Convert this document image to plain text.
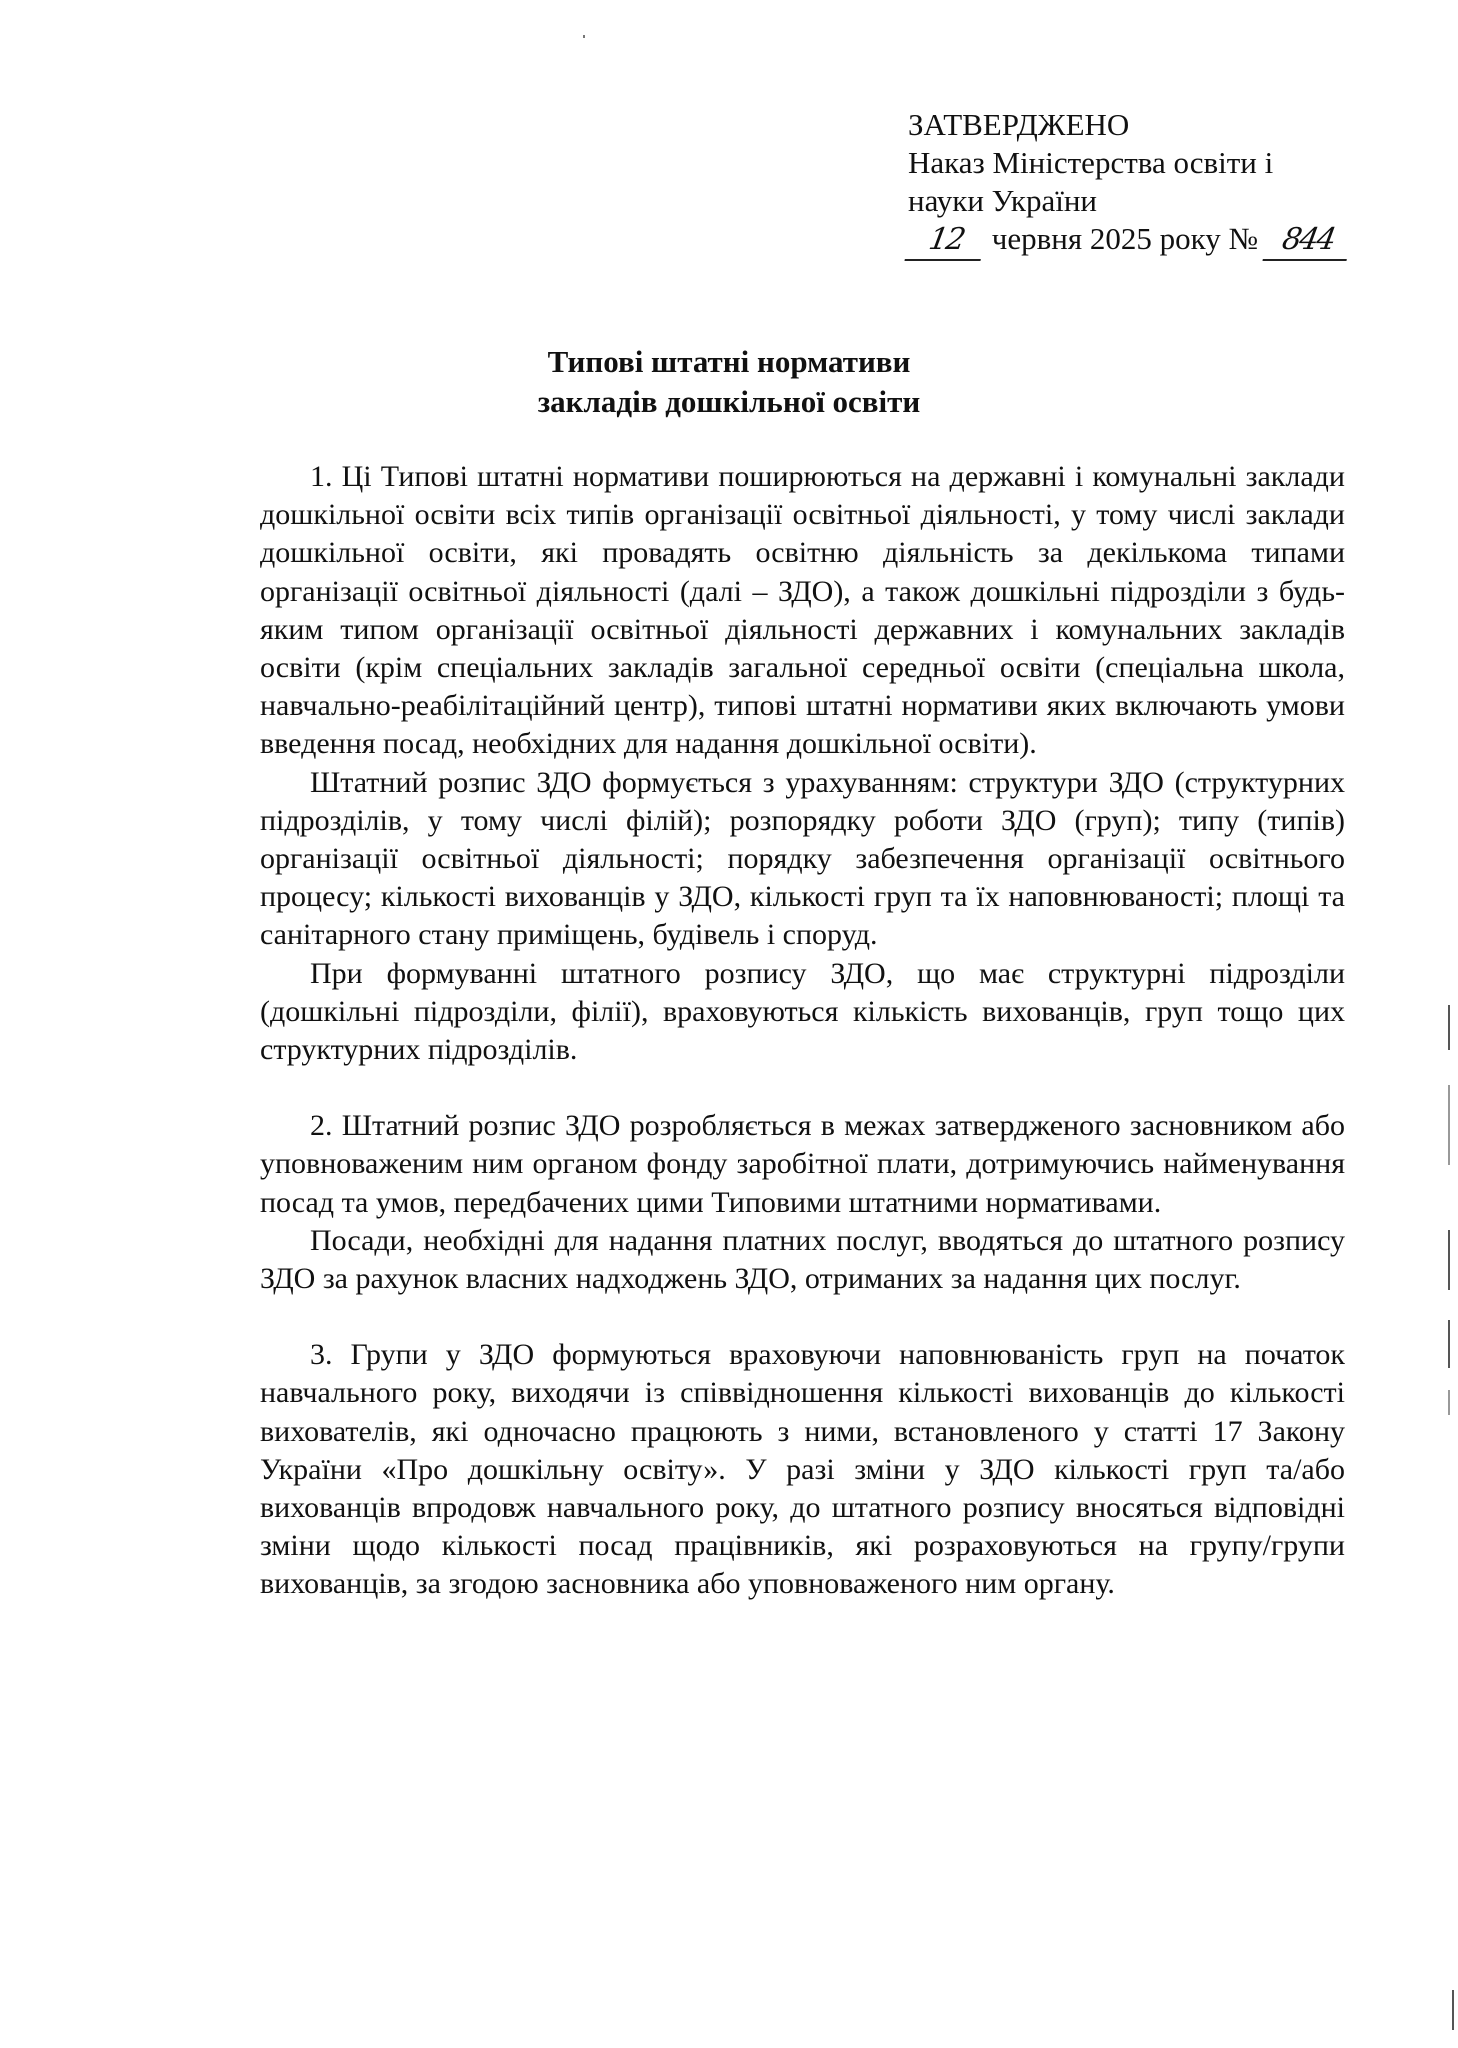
ЗАТВЕРДЖЕНО
Наказ Міністерства освіти і
науки України
12 червня 2025 року № 844
Типові штатні нормативи
закладів дошкільної освіти

1. Ці Типові штатні нормативи поширюються на державні і комунальні заклади дошкільної освіти всіх типів організації освітньої діяльності, у тому числі заклади дошкільної освіти, які провадять освітню діяльність за декількома типами організації освітньої діяльності (далі – ЗДО), а також дошкільні підрозділи з будь-яким типом організації освітньої діяльності державних і комунальних закладів освіти (крім спеціальних закладів загальної середньої освіти (спеціальна школа, навчально-реабілітаційний центр), типові штатні нормативи яких включають умови введення посад, необхідних для надання дошкільної освіти).

Штатний розпис ЗДО формується з урахуванням: структури ЗДО (структурних підрозділів, у тому числі філій); розпорядку роботи ЗДО (груп); типу (типів) організації освітньої діяльності; порядку забезпечення організації освітнього процесу; кількості вихованців у ЗДО, кількості груп та їх наповнюваності; площі та санітарного стану приміщень, будівель і споруд.

При формуванні штатного розпису ЗДО, що має структурні підрозділи (дошкільні підрозділи, філії), враховуються кількість вихованців, груп тощо цих структурних підрозділів.

2. Штатний розпис ЗДО розробляється в межах затвердженого засновником або уповноваженим ним органом фонду заробітної плати, дотримуючись найменування посад та умов, передбачених цими Типовими штатними нормативами.

Посади, необхідні для надання платних послуг, вводяться до штатного розпису ЗДО за рахунок власних надходжень ЗДО, отриманих за надання цих послуг.

3. Групи у ЗДО формуються враховуючи наповнюваність груп на початок навчального року, виходячи із співвідношення кількості вихованців до кількості вихователів, які одночасно працюють з ними, встановленого у статті 17 Закону України «Про дошкільну освіту». У разі зміни у ЗДО кількості груп та/або вихованців впродовж навчального року, до штатного розпису вносяться відповідні зміни щодо кількості посад працівників, які розраховуються на групу/групи вихованців, за згодою засновника або уповноваженого ним органу.
